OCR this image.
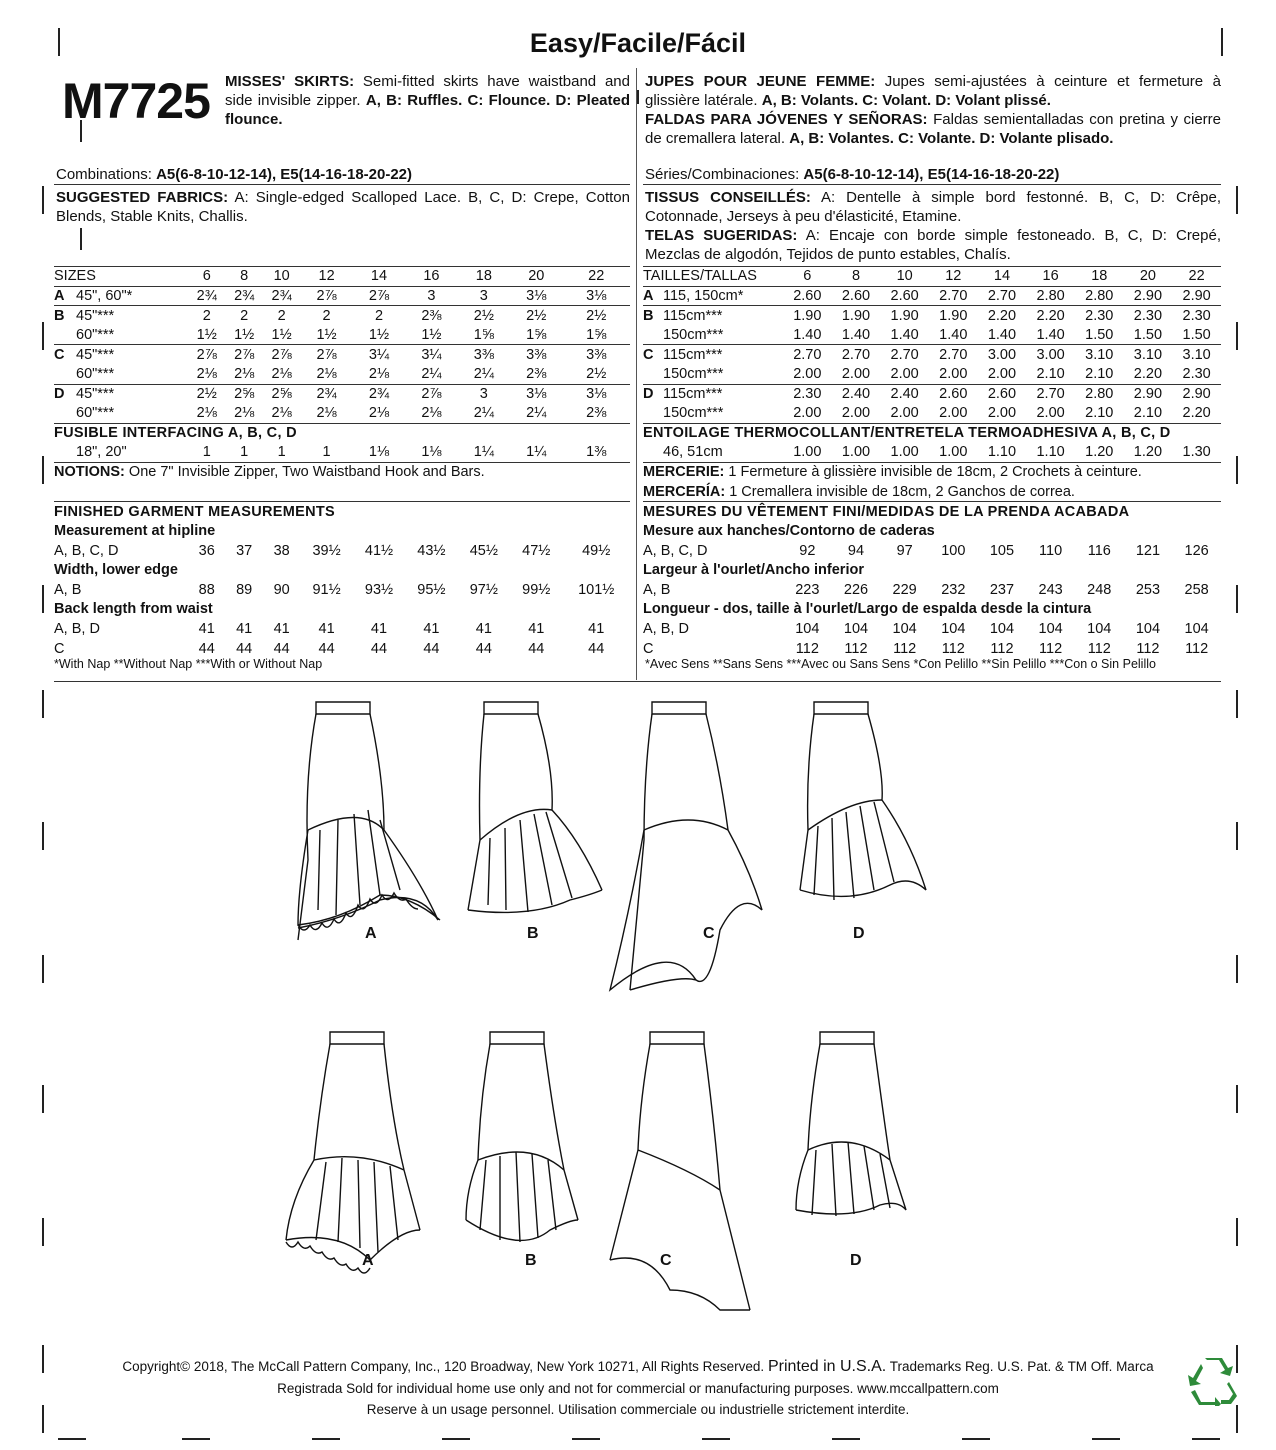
Easy/Facile/Fácil
M7725 MISSES' SKIRTS: Semi-fitted skirts have waistband and side invisible zipper. A, B: Ruffles. C: Flounce. D: Pleated flounce.
Combinations: A5(6-8-10-12-14), E5(14-16-18-20-22)
SUGGESTED FABRICS: A: Single-edged Scalloped Lace. B, C, D: Crepe, Cotton Blends, Stable Knits, Challis.
SIZES		6	8	10	12	14	16	18	20	22
A	45", 60"*	2¾	2¾	2¾	2⅞	2⅞	3	3	3⅛	3⅛
B	45"***	2	2	2	2	2	2⅜	2½	2½	2½
	60"***	1½	1½	1½	1½	1½	1½	1⅝	1⅝	1⅝
C	45"***	2⅞	2⅞	2⅞	2⅞	3¼	3¼	3⅜	3⅜	3⅜
	60"***	2⅛	2⅛	2⅛	2⅛	2⅛	2¼	2¼	2⅜	2½
D	45"***	2½	2⅝	2⅝	2¾	2¾	2⅞	3	3⅛	3⅛
	60"***	2⅛	2⅛	2⅛	2⅛	2⅛	2⅛	2¼	2¼	2⅜
FUSIBLE INTERFACING A, B, C, D										
	18", 20"	1	1	1	1	1⅛	1⅛	1¼	1¼	1⅜
NOTIONS: One 7" Invisible Zipper, Two Waistband Hook and Bars.										

FINISHED GARMENT MEASUREMENTS										
Measurement at hipline										
A, B, C, D		36	37	38	39½	41½	43½	45½	47½	49½
Width, lower edge										
A, B		88	89	90	91½	93½	95½	97½	99½	101½
Back length from waist										
A, B, D		41	41	41	41	41	41	41	41	41
C		44	44	44	44	44	44	44	44	44
JUPES POUR JEUNE FEMME: Jupes semi-ajustées à ceinture et fermeture à glissière latérale. A, B: Volants. C: Volant. D: Volant plissé.
FALDAS PARA JÓVENES Y SEÑORAS: Faldas semientalladas con pretina y cierre de cremallera lateral. A, B: Volantes. C: Volante. D: Volante plisado.
Séries/Combinaciones: A5(6-8-10-12-14), E5(14-16-18-20-22)
TISSUS CONSEILLÉS: A: Dentelle à simple bord festonné. B, C, D: Crêpe, Cotonnade, Jerseys à peu d'élasticité, Etamine.
TELAS SUGERIDAS: A: Encaje con borde simple festoneado. B, C, D: Crepé, Mezclas de algodón, Tejidos de punto estables, Chalís.
TAILLES/TALLAS		6	8	10	12	14	16	18	20	22
A	115, 150cm*	2.60	2.60	2.60	2.70	2.70	2.80	2.80	2.90	2.90
B	115cm***	1.90	1.90	1.90	1.90	2.20	2.20	2.30	2.30	2.30
	150cm***	1.40	1.40	1.40	1.40	1.40	1.40	1.50	1.50	1.50
C	115cm***	2.70	2.70	2.70	2.70	3.00	3.00	3.10	3.10	3.10
	150cm***	2.00	2.00	2.00	2.00	2.00	2.10	2.10	2.20	2.30
D	115cm***	2.30	2.40	2.40	2.60	2.60	2.70	2.80	2.90	2.90
	150cm***	2.00	2.00	2.00	2.00	2.00	2.00	2.10	2.10	2.20
ENTOILAGE THERMOCOLLANT/ENTRETELA TERMOADHESIVA A, B, C, D										
	46, 51cm	1.00	1.00	1.00	1.00	1.10	1.10	1.20	1.20	1.30
MERCERIE: 1 Fermeture à glissière invisible de 18cm, 2 Crochets à ceinture.										
MERCERÍA: 1 Cremallera invisible de 18cm, 2 Ganchos de correa.										
MESURES DU VÊTEMENT FINI/MEDIDAS DE LA PRENDA ACABADA										
Mesure aux hanches/Contorno de caderas										
A, B, C, D		92	94	97	100	105	110	116	121	126
Largeur à l'ourlet/Ancho inferior										
A, B		223	226	229	232	237	243	248	253	258
Longueur - dos, taille à l'ourlet/Largo de espalda desde la cintura										
A, B, D		104	104	104	104	104	104	104	104	104
C		112	112	112	112	112	112	112	112	112
*With Nap **Without Nap ***With or Without Nap	*Avec Sens **Sans Sens ***Avec ou Sans Sens *Con Pelillo **Sin Pelillo ***Con o Sin Pelillo
A	B	C	D
A	B	C	D
Copyright© 2018, The McCall Pattern Company, Inc., 120 Broadway, New York 10271, All Rights Reserved. Printed in U.S.A. Trademarks Reg. U.S. Pat. & TM Off. Marca
Registrada Sold for individual home use only and not for commercial or manufacturing purposes. www.mccallpattern.com
Reserve à un usage personnel. Utilisation commerciale ou industrielle strictement interdite.
